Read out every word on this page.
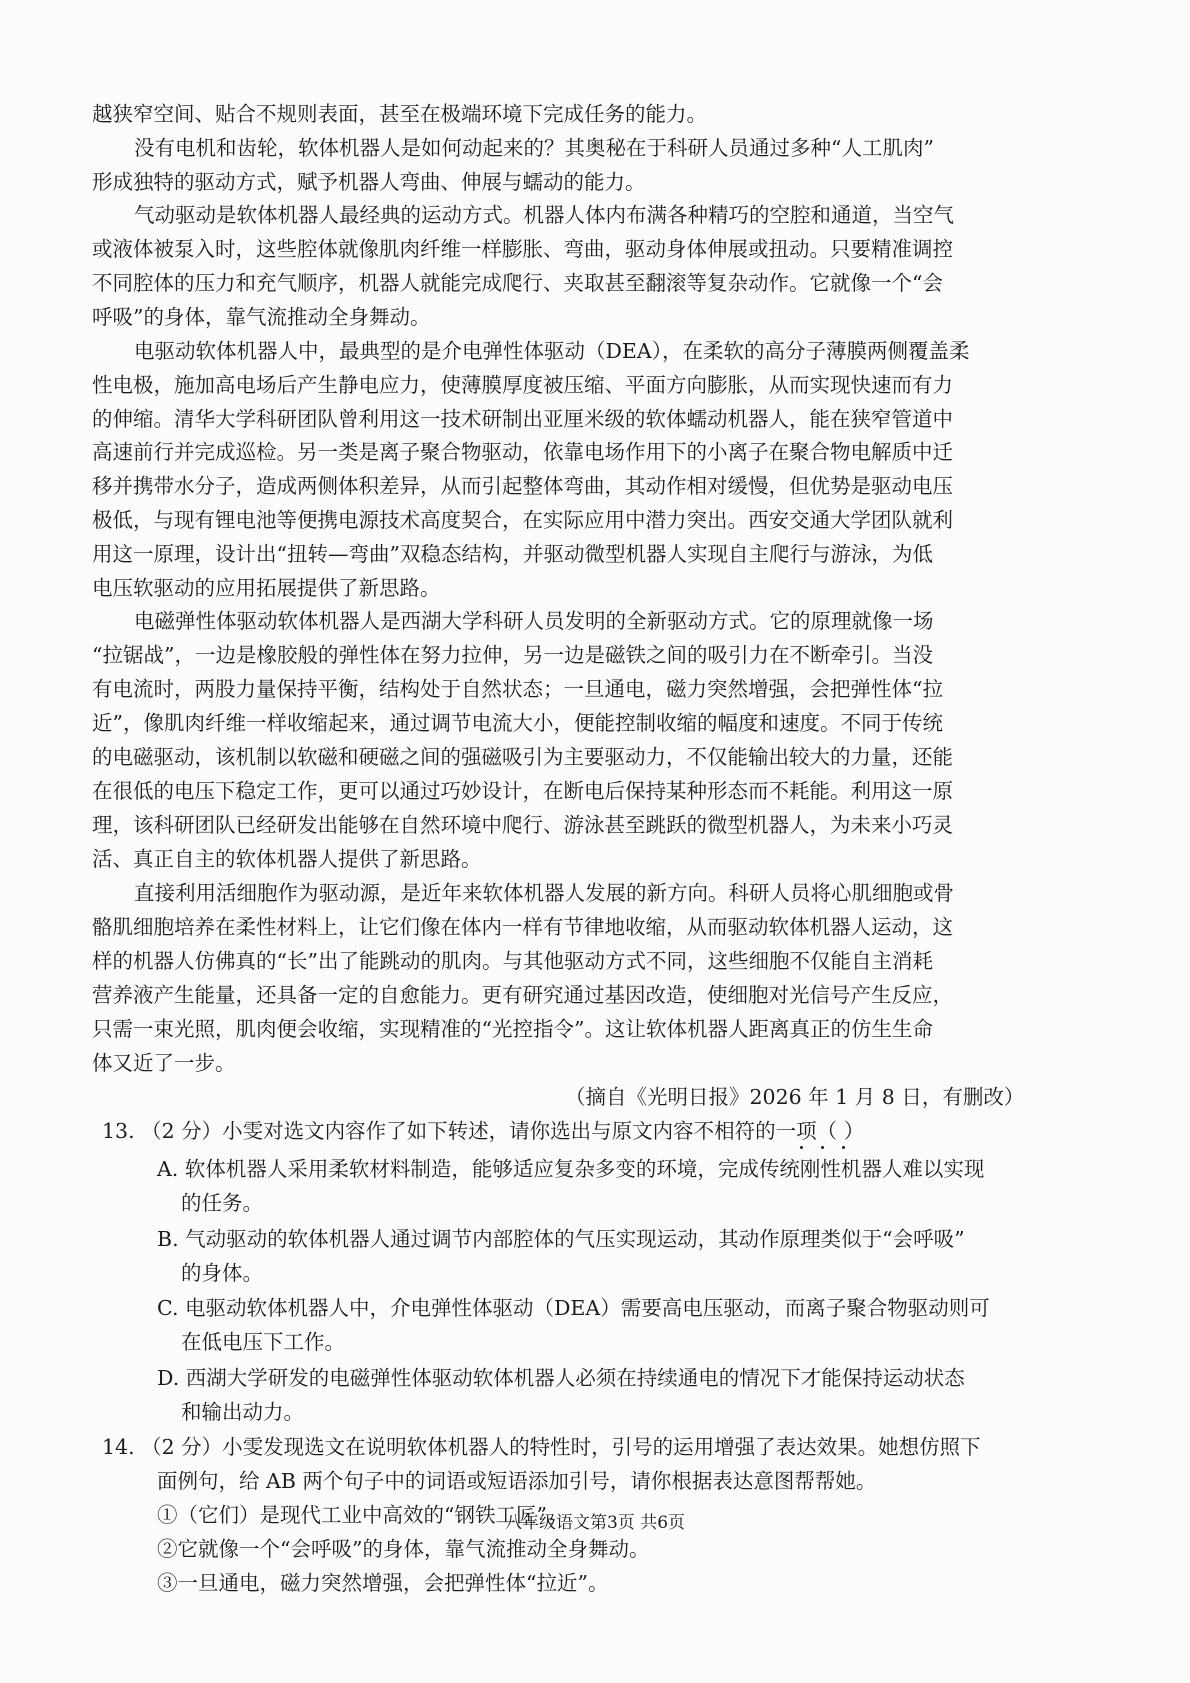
越狭窄空间、贴合不规则表面，甚至在极端环境下完成任务的能力。
没有电机和齿轮，软体机器人是如何动起来的？其奥秘在于科研人员通过多种“人工肌肉”
形成独特的驱动方式，赋予机器人弯曲、伸展与蠕动的能力。
气动驱动是软体机器人最经典的运动方式。机器人体内布满各种精巧的空腔和通道，当空气
或液体被泵入时，这些腔体就像肌肉纤维一样膨胀、弯曲，驱动身体伸展或扭动。只要精准调控
不同腔体的压力和充气顺序，机器人就能完成爬行、夹取甚至翻滚等复杂动作。它就像一个“会
呼吸”的身体，靠气流推动全身舞动。
电驱动软体机器人中，最典型的是介电弹性体驱动（DEA），在柔软的高分子薄膜两侧覆盖柔
性电极，施加高电场后产生静电应力，使薄膜厚度被压缩、平面方向膨胀，从而实现快速而有力
的伸缩。清华大学科研团队曾利用这一技术研制出亚厘米级的软体蠕动机器人，能在狭窄管道中
高速前行并完成巡检。另一类是离子聚合物驱动，依靠电场作用下的小离子在聚合物电解质中迁
移并携带水分子，造成两侧体积差异，从而引起整体弯曲，其动作相对缓慢，但优势是驱动电压
极低，与现有锂电池等便携电源技术高度契合，在实际应用中潜力突出。西安交通大学团队就利
用这一原理，设计出“扭转—弯曲”双稳态结构，并驱动微型机器人实现自主爬行与游泳，为低
电压软驱动的应用拓展提供了新思路。
电磁弹性体驱动软体机器人是西湖大学科研人员发明的全新驱动方式。它的原理就像一场
“拉锯战”，一边是橡胶般的弹性体在努力拉伸，另一边是磁铁之间的吸引力在不断牵引。当没
有电流时，两股力量保持平衡，结构处于自然状态；一旦通电，磁力突然增强，会把弹性体“拉
近”，像肌肉纤维一样收缩起来，通过调节电流大小，便能控制收缩的幅度和速度。不同于传统
的电磁驱动，该机制以软磁和硬磁之间的强磁吸引为主要驱动力，不仅能输出较大的力量，还能
在很低的电压下稳定工作，更可以通过巧妙设计，在断电后保持某种形态而不耗能。利用这一原
理，该科研团队已经研发出能够在自然环境中爬行、游泳甚至跳跃的微型机器人，为未来小巧灵
活、真正自主的软体机器人提供了新思路。
直接利用活细胞作为驱动源，是近年来软体机器人发展的新方向。科研人员将心肌细胞或骨
骼肌细胞培养在柔性材料上，让它们像在体内一样有节律地收缩，从而驱动软体机器人运动，这
样的机器人仿佛真的“长”出了能跳动的肌肉。与其他驱动方式不同，这些细胞不仅能自主消耗
营养液产生能量，还具备一定的自愈能力。更有研究通过基因改造，使细胞对光信号产生反应，
只需一束光照，肌肉便会收缩，实现精准的“光控指令”。这让软体机器人距离真正的仿生生命
体又近了一步。
（摘自《光明日报》2026 年 1 月 8 日，有删改）
13. （2 分）小雯对选文内容作了如下转述，请你选出与原文内容不相符的一项（ ）
A. 软体机器人采用柔软材料制造，能够适应复杂多变的环境，完成传统刚性机器人难以实现
的任务。
B. 气动驱动的软体机器人通过调节内部腔体的气压实现运动，其动作原理类似于“会呼吸”
的身体。
C. 电驱动软体机器人中，介电弹性体驱动（DEA）需要高电压驱动，而离子聚合物驱动则可
在低电压下工作。
D. 西湖大学研发的电磁弹性体驱动软体机器人必须在持续通电的情况下才能保持运动状态
和输出动力。
14. （2 分）小雯发现选文在说明软体机器人的特性时，引号的运用增强了表达效果。她想仿照下
面例句，给 AB 两个句子中的词语或短语添加引号，请你根据表达意图帮帮她。
①（它们）是现代工业中高效的“钢铁工匠”。
②它就像一个“会呼吸”的身体，靠气流推动全身舞动。
③一旦通电，磁力突然增强，会把弹性体“拉近”。
八年级语文第3页 共6页
